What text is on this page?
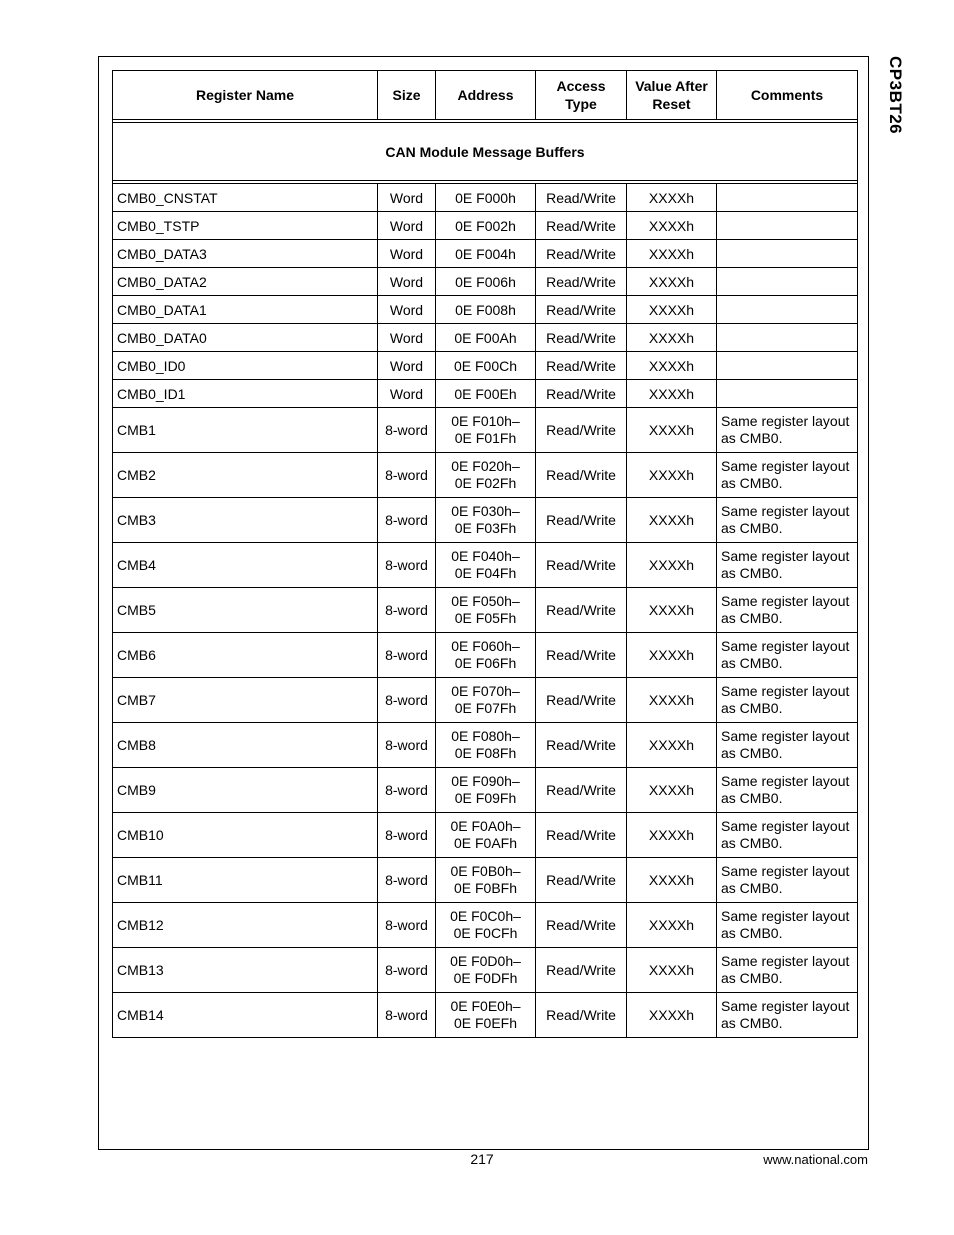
CP3BT26
Register Name	Size	Address	Access Type	Value After Reset	Comments

CAN Module Message Buffers					

CMB0_CNSTAT	Word	0E F000h	Read/Write	XXXXh	
CMB0_TSTP	Word	0E F002h	Read/Write	XXXXh	
CMB0_DATA3	Word	0E F004h	Read/Write	XXXXh	
CMB0_DATA2	Word	0E F006h	Read/Write	XXXXh	
CMB0_DATA1	Word	0E F008h	Read/Write	XXXXh	
CMB0_DATA0	Word	0E F00Ah	Read/Write	XXXXh	
CMB0_ID0	Word	0E F00Ch	Read/Write	XXXXh	
CMB0_ID1	Word	0E F00Eh	Read/Write	XXXXh	
CMB1	8-word	0E F010h–
0E F01Fh	Read/Write	XXXXh	Same register layout
as CMB0.
CMB2	8-word	0E F020h–
0E F02Fh	Read/Write	XXXXh	Same register layout
as CMB0.
CMB3	8-word	0E F030h–
0E F03Fh	Read/Write	XXXXh	Same register layout
as CMB0.
CMB4	8-word	0E F040h–
0E F04Fh	Read/Write	XXXXh	Same register layout
as CMB0.
CMB5	8-word	0E F050h–
0E F05Fh	Read/Write	XXXXh	Same register layout
as CMB0.
CMB6	8-word	0E F060h–
0E F06Fh	Read/Write	XXXXh	Same register layout
as CMB0.
CMB7	8-word	0E F070h–
0E F07Fh	Read/Write	XXXXh	Same register layout
as CMB0.
CMB8	8-word	0E F080h–
0E F08Fh	Read/Write	XXXXh	Same register layout
as CMB0.
CMB9	8-word	0E F090h–
0E F09Fh	Read/Write	XXXXh	Same register layout
as CMB0.
CMB10	8-word	0E F0A0h–
0E F0AFh	Read/Write	XXXXh	Same register layout
as CMB0.
CMB11	8-word	0E F0B0h–
0E F0BFh	Read/Write	XXXXh	Same register layout
as CMB0.
CMB12	8-word	0E F0C0h–
0E F0CFh	Read/Write	XXXXh	Same register layout
as CMB0.
CMB13	8-word	0E F0D0h–
0E F0DFh	Read/Write	XXXXh	Same register layout
as CMB0.
CMB14	8-word	0E F0E0h–
0E F0EFh	Read/Write	XXXXh	Same register layout
as CMB0.
217	www.national.com
